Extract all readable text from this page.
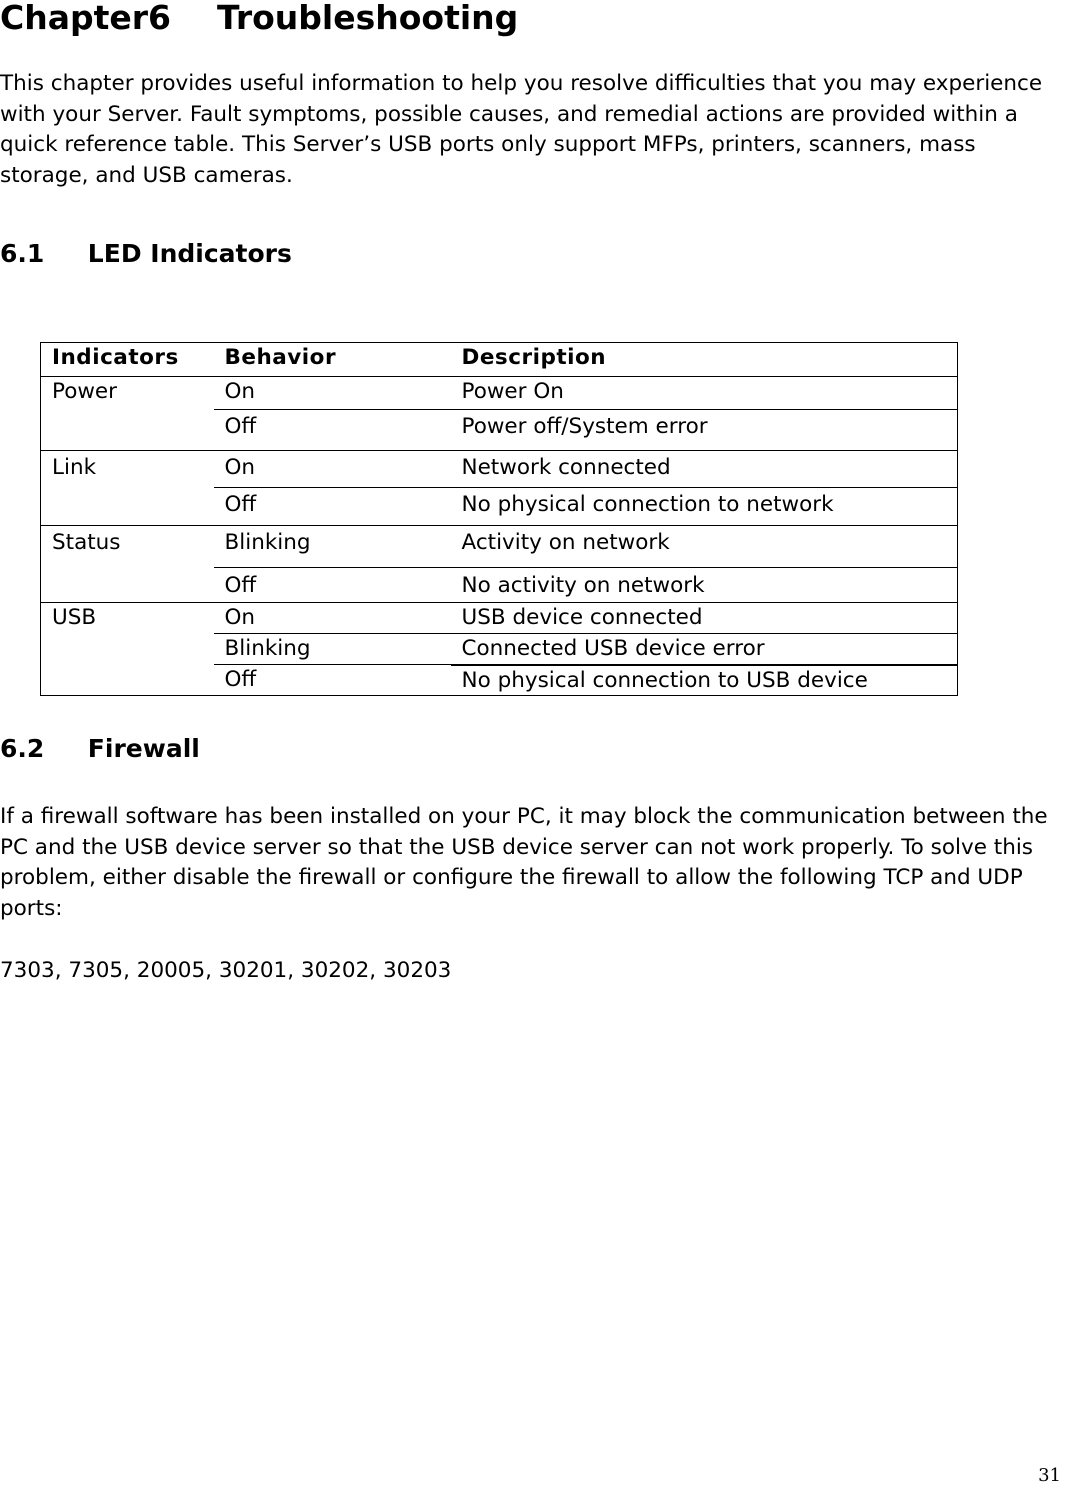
Chapter6    Troubleshooting

This chapter provides useful information to help you resolve difficulties that you may experience with your Server. Fault symptoms, possible causes, and remedial actions are provided within a quick reference table. This Server’s USB ports only support MFPs, printers, scanners, mass storage, and USB cameras.

6.1     LED Indicators
Indicators	Behavior	Description
Power	On	Power On
	Off	Power off/System error
Link	On	Network connected
	Off	No physical connection to network
Status	Blinking	Activity on network
	Off	No activity on network
USB	On	USB device connected
	Blinking	Connected USB device error
	Off	No physical connection to USB device
6.2     Firewall

If a firewall software has been installed on your PC, it may block the communication between the PC and the USB device server so that the USB device server can not work properly. To solve this problem, either disable the firewall or configure the firewall to allow the following TCP and UDP ports:

7303, 7305, 20005, 30201, 30202, 30203

31
